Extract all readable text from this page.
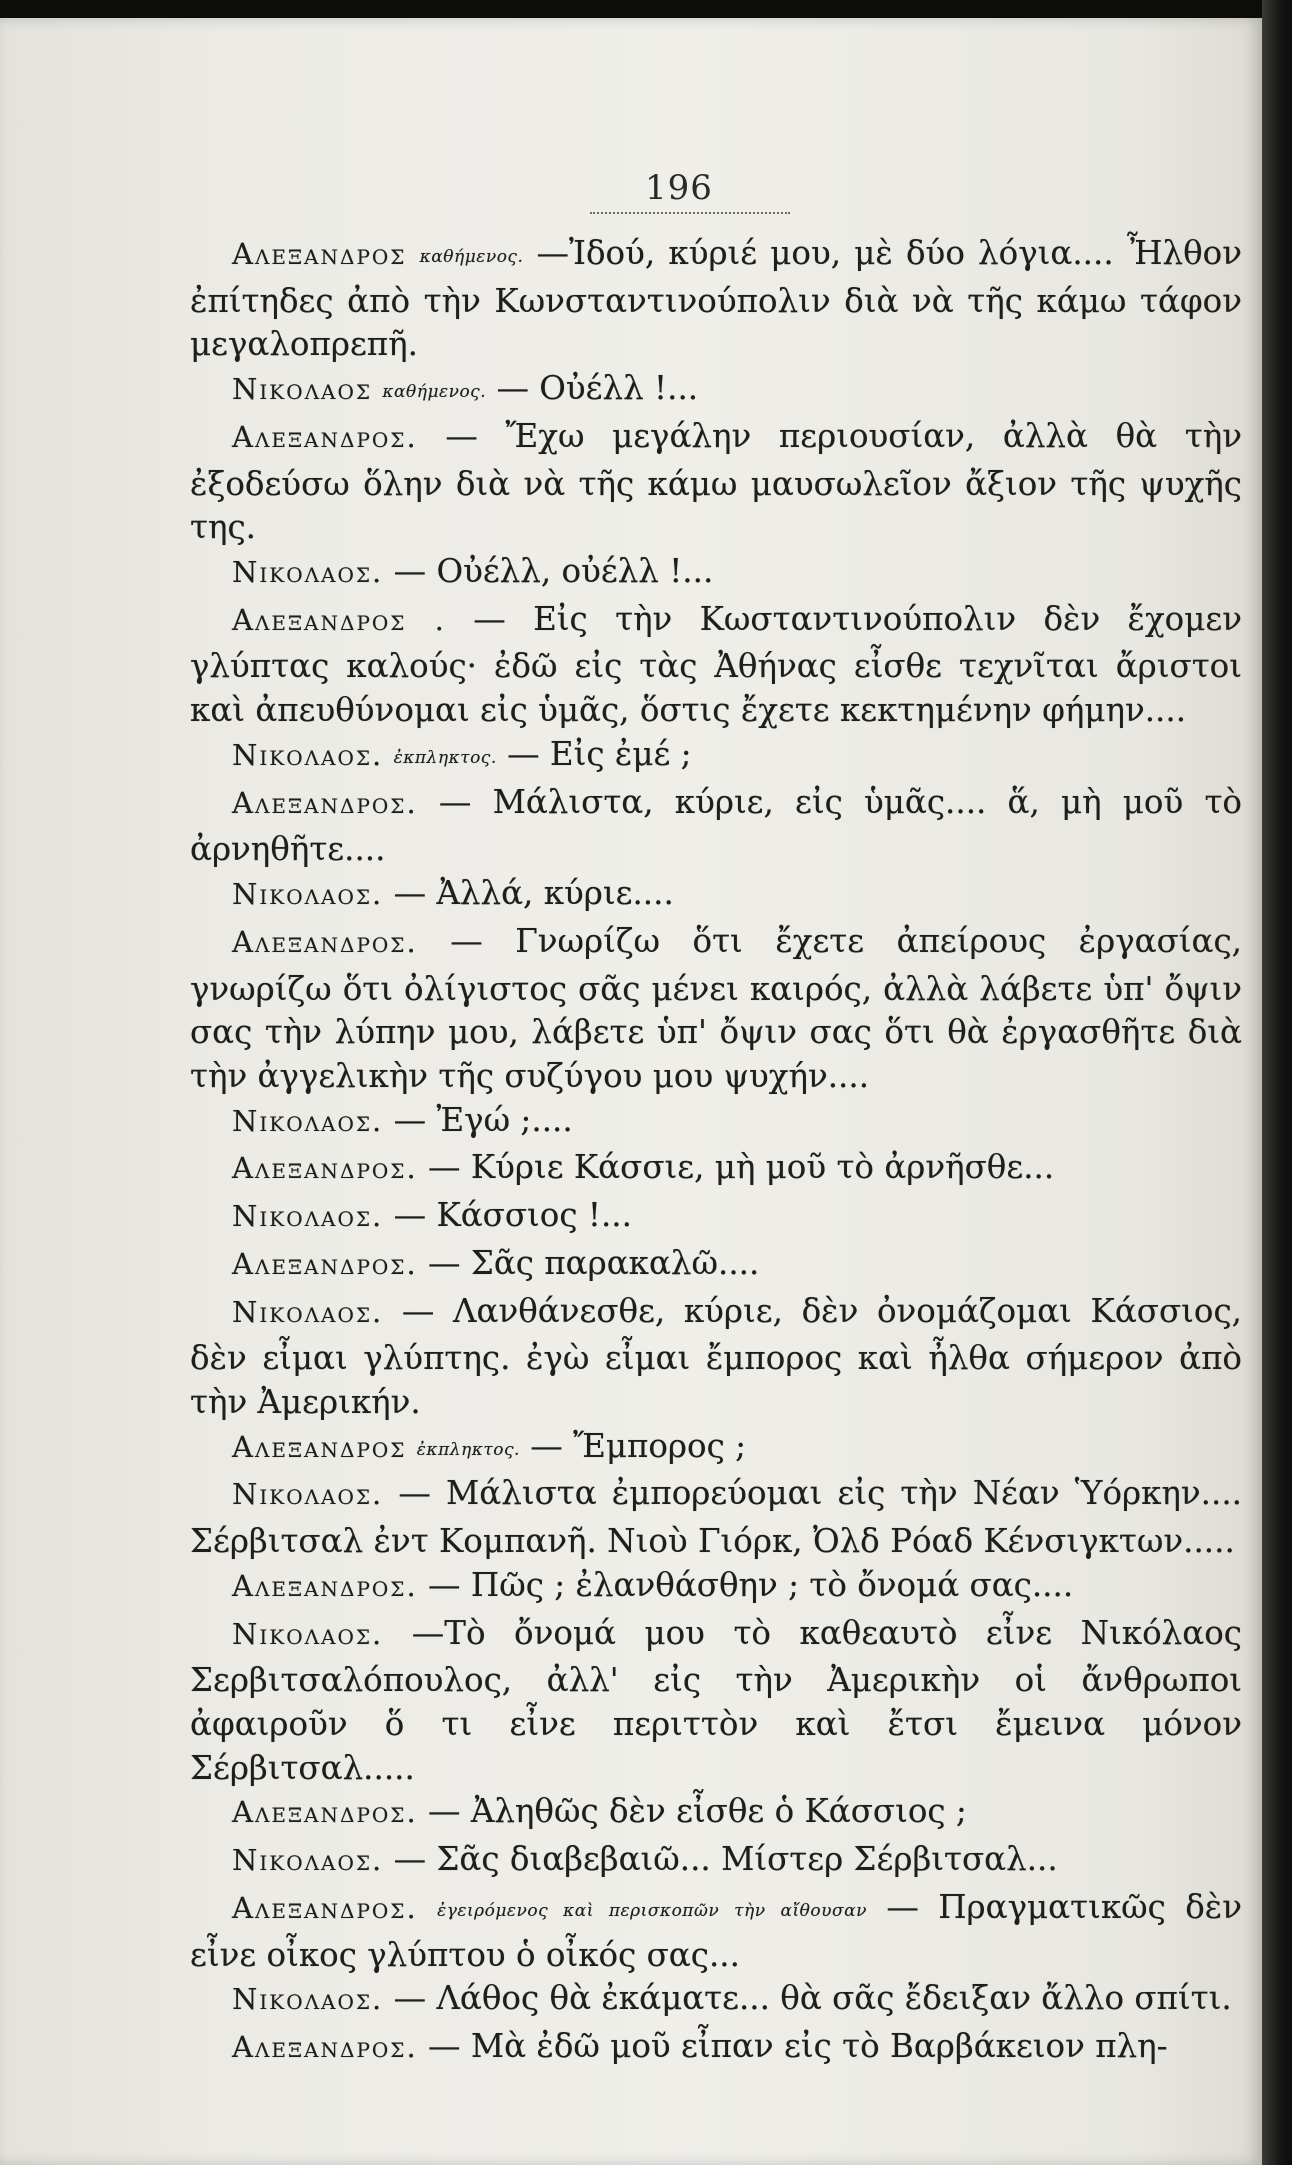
196

Αλεξανδρος καθήμενος. —Ἰδού, κύριέ μου, μὲ δύο λόγια.... Ἦλθον ἐπίτηδες ἀπὸ τὴν Κωνσταντινούπολιν διὰ νὰ τῆς κάμω τάφον μεγαλοπρεπῆ.

Νικολαος καθήμενος. — Οὐέλλ !...

Αλεξανδρος. — Ἔχω μεγάλην περιουσίαν, ἀλλὰ θὰ τὴν ἐξοδεύσω ὅλην διὰ νὰ τῆς κάμω μαυσωλεῖον ἄξιον τῆς ψυχῆς της.

Νικολαος. — Οὐέλλ, οὐέλλ !...

Αλεξανδρος . — Εἰς τὴν Κωσταντινούπολιν δὲν ἔχομεν γλύπτας καλούς· ἐδῶ εἰς τὰς Ἀθήνας εἶσθε τεχνῖται ἄριστοι καὶ ἀπευθύνομαι εἰς ὑμᾶς, ὅστις ἔχετε κεκτημένην φήμην....

Νικολαος. ἐκπληκτος. — Εἰς ἐμέ ;

Αλεξανδρος. — Μάλιστα, κύριε, εἰς ὑμᾶς.... ἅ, μὴ μοῦ τὸ ἀρνηθῆτε....

Νικολαος. — Ἀλλά, κύριε....

Αλεξανδρος. — Γνωρίζω ὅτι ἔχετε ἀπείρους ἐργασίας, γνωρίζω ὅτι ὀλίγιστος σᾶς μένει καιρός, ἀλλὰ λάβετε ὑπ' ὄψιν σας τὴν λύπην μου, λάβετε ὑπ' ὄψιν σας ὅτι θὰ ἐργασθῆτε διὰ τὴν ἀγγελικὴν τῆς συζύγου μου ψυχήν....

Νικολαος. — Ἐγώ ;....

Αλεξανδρος. — Κύριε Κάσσιε, μὴ μοῦ τὸ ἀρνῆσθε...

Νικολαος. — Κάσσιος !...

Αλεξανδρος. — Σᾶς παρακαλῶ....

Νικολαος. — Λανθάνεσθε, κύριε, δὲν ὀνομάζομαι Κάσσιος, δὲν εἶμαι γλύπτης. ἐγὼ εἶμαι ἔμπορος καὶ ἦλθα σήμερον ἀπὸ τὴν Ἀμερικήν.

Αλεξανδρος ἐκπληκτος. — Ἔμπορος ;

Νικολαος. — Μάλιστα ἐμπορεύομαι εἰς τὴν Νέαν Ὑόρκην.... Σέρβιτσαλ ἐντ Κομπανῆ. Νιοὺ Γιόρκ, Ὀλδ Ρόαδ Κένσιγκτων.....

Αλεξανδρος. — Πῶς ; ἐλανθάσθην ; τὸ ὄνομά σας....

Νικολαος. —Τὸ ὄνομά μου τὸ καθεαυτὸ εἶνε Νικόλαος Σερβιτσαλόπουλος, ἀλλ' εἰς τὴν Ἀμερικὴν οἱ ἄνθρωποι ἀφαιροῦν ὅ τι εἶνε περιττὸν καὶ ἔτσι ἔμεινα μόνον Σέρβιτσαλ.....

Αλεξανδρος. — Ἀληθῶς δὲν εἶσθε ὁ Κάσσιος ;

Νικολαος. — Σᾶς διαβεβαιῶ... Μίστερ Σέρβιτσαλ...

Αλεξανδρος. ἐγειρόμενος καὶ περισκοπῶν τὴν αἴθουσαν — Πραγματικῶς δὲν εἶνε οἶκος γλύπτου ὁ οἶκός σας...

Νικολαος. — Λάθος θὰ ἐκάματε... θὰ σᾶς ἔδειξαν ἄλλο σπίτι.

Αλεξανδρος. — Μὰ ἐδῶ μοῦ εἶπαν εἰς τὸ Βαρβάκειον πλη-
